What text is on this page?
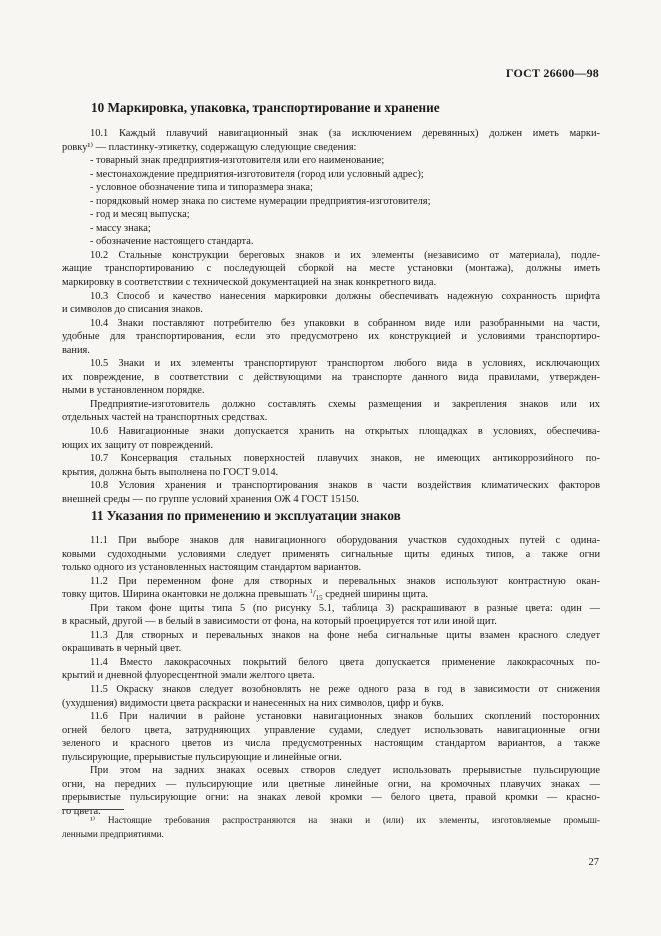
ГОСТ 26600—98
10 Маркировка, упаковка, транспортирование и хранение
10.1 Каждый плавучий навигационный знак (за исключением деревянных) должен иметь марки-
ровку¹⁾ — пластинку-этикетку, содержащую следующие сведения:
- товарный знак предприятия-изготовителя или его наименование;
- местонахождение предприятия-изготовителя (город или условный адрес);
- условное обозначение типа и типоразмера знака;
- порядковый номер знака по системе нумерации предприятия-изготовителя;
- год и месяц выпуска;
- массу знака;
- обозначение настоящего стандарта.
10.2 Стальные конструкции береговых знаков и их элементы (независимо от материала), подле-
жащие транспортированию с последующей сборкой на месте установки (монтажа), должны иметь
маркировку в соответствии с технической документацией на знак конкретного вида.
10.3 Способ и качество нанесения маркировки должны обеспечивать надежную сохранность шрифта
и символов до списания знаков.
10.4 Знаки поставляют потребителю без упаковки в собранном виде или разобранными на части,
удобные для транспортирования, если это предусмотрено их конструкцией и условиями транспортиро-
вания.
10.5 Знаки и их элементы транспортируют транспортом любого вида в условиях, исключающих
их повреждение, в соответствии с действующими на транспорте данного вида правилами, утвержден-
ными в установленном порядке.
Предприятие-изготовитель должно составлять схемы размещения и закрепления знаков или их
отдельных частей на транспортных средствах.
10.6 Навигационные знаки допускается хранить на открытых площадках в условиях, обеспечива-
ющих их защиту от повреждений.
10.7 Консервация стальных поверхностей плавучих знаков, не имеющих антикоррозийного по-
крытия, должна быть выполнена по ГОСТ 9.014.
10.8 Условия хранения и транспортирования знаков в части воздействия климатических факторов
внешней среды — по группе условий хранения ОЖ 4 ГОСТ 15150.
11 Указания по применению и эксплуатации знаков
11.1 При выборе знаков для навигационного оборудования участков судоходных путей с одина-
ковыми судоходными условиями следует применять сигнальные щиты единых типов, а также огни
только одного из установленных настоящим стандартом вариантов.
11.2 При переменном фоне для створных и перевальных знаков используют контрастную окан-
товку щитов. Ширина окантовки не должна превышать $^1/_{15}$ средней ширины щита.
При таком фоне щиты типа 5 (по рисунку 5.1, таблица 3) раскрашивают в разные цвета: один —
в красный, другой — в белый в зависимости от фона, на который проецируется тот или иной щит.
11.3 Для створных и перевальных знаков на фоне неба сигнальные щиты взамен красного следует
окрашивать в черный цвет.
11.4 Вместо лакокрасочных покрытий белого цвета допускается применение лакокрасочных по-
крытий и дневной флуоресцентной эмали желтого цвета.
11.5 Окраску знаков следует возобновлять не реже одного раза в год в зависимости от снижения
(ухудшения) видимости цвета раскраски и нанесенных на них символов, цифр и букв.
11.6 При наличии в районе установки навигационных знаков больших скоплений посторонних
огней белого цвета, затрудняющих управление судами, следует использовать навигационные огни
зеленого и красного цветов из числа предусмотренных настоящим стандартом вариантов, а также
пульсирующие, прерывистые пульсирующие и линейные огни.
При этом на задних знаках осевых створов следует использовать прерывистые пульсирующие
огни, на передних — пульсирующие или цветные линейные огни, на кромочных плавучих знаках —
прерывистые пульсирующие огни: на знаках левой кромки — белого цвета, правой кромки — красно-
го цвета.
¹⁾ Настоящие требования распространяются на знаки и (или) их элементы, изготовляемые промыш-
ленными предприятиями.
27
